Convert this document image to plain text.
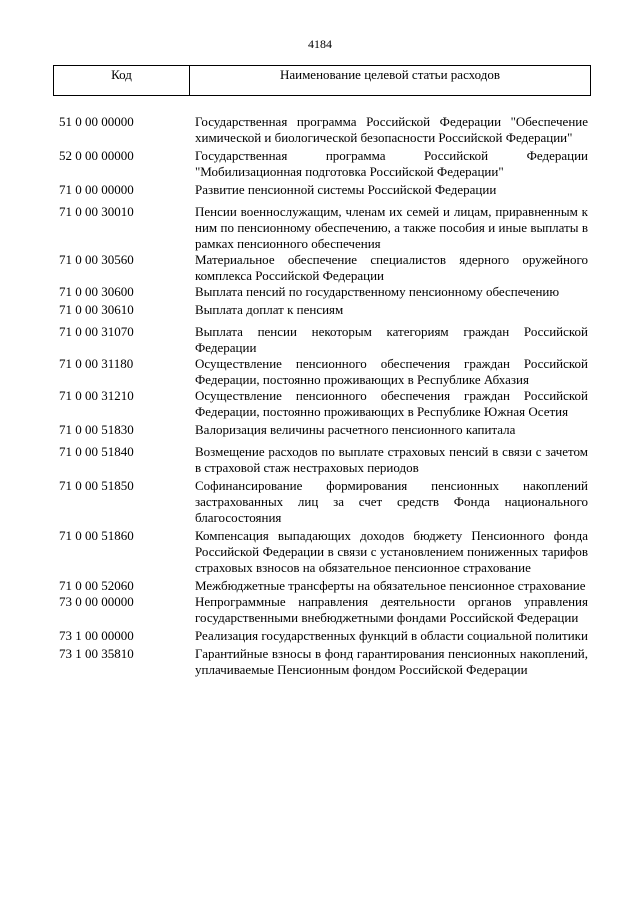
4184
Код	Наименование целевой статьи расходов
51 0 00 00000	Государственная программа Российской Федерации "Обеспечение химической и биологической безопасности Российской Федерации"
52 0 00 00000	Государственная программа Российской Федерации "Мобилизационная подготовка Российской Федерации"
71 0 00 00000	Развитие пенсионной системы Российской Федерации
71 0 00 30010	Пенсии военнослужащим, членам их семей и лицам, приравненным к ним по пенсионному обеспечению, а также пособия и иные выплаты в рамках пенсионного обеспечения
71 0 00 30560	Материальное обеспечение специалистов ядерного оружейного комплекса Российской Федерации
71 0 00 30600	Выплата пенсий по государственному пенсионному обеспечению
71 0 00 30610	Выплата доплат к пенсиям
71 0 00 31070	Выплата пенсии некоторым категориям граждан Российской Федерации
71 0 00 31180	Осуществление пенсионного обеспечения граждан Российской Федерации, постоянно проживающих в Республике Абхазия
71 0 00 31210	Осуществление пенсионного обеспечения граждан Российской Федерации, постоянно проживающих в Республике Южная Осетия
71 0 00 51830	Валоризация величины расчетного пенсионного капитала
71 0 00 51840	Возмещение расходов по выплате страховых пенсий в связи с зачетом в страховой стаж нестраховых периодов
71 0 00 51850	Софинансирование формирования пенсионных накоплений застрахованных лиц за счет средств Фонда национального благосостояния
71 0 00 51860	Компенсация выпадающих доходов бюджету Пенсионного фонда Российской Федерации в связи с установлением пониженных тарифов страховых взносов на обязательное пенсионное страхование
71 0 00 52060	Межбюджетные трансферты на обязательное пенсионное страхование
73 0 00 00000	Непрограммные направления деятельности органов управления государственными внебюджетными фондами Российской Федерации
73 1 00 00000	Реализация государственных функций в области социальной политики
73 1 00 35810	Гарантийные взносы в фонд гарантирования пенсионных накоплений, уплачиваемые Пенсионным фондом Российской Федерации
